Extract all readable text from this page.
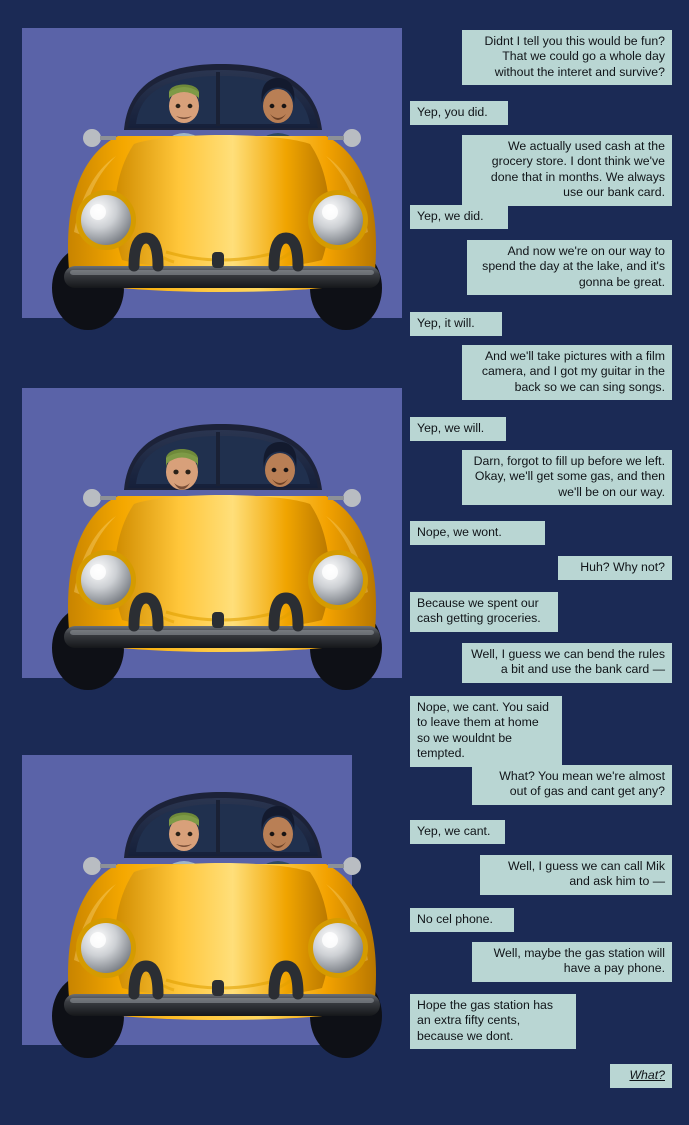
Didnt I tell you this would be fun? That we could go a whole day without the interet and survive?
Yep, you did.
We actually used cash at the grocery store. I dont think we've done that in months. We always use our bank card.
Yep, we did.
And now we're on our way to spend the day at the lake, and it's gonna be great.
Yep, it will.
And we'll take pictures with a film camera, and I got my guitar in the back so we can sing songs.
Yep, we will.
Darn, forgot to fill up before we left. Okay, we'll get some gas, and then we'll be on our way.
Nope, we wont.
Huh? Why not?
Because we spent our cash getting groceries.
Well, I guess we can bend the rules a bit and use the bank card —
Nope, we cant. You said to leave them at home so we wouldnt be tempted.
What? You mean we're almost out of gas and cant get any?
Yep, we cant.
Well, I guess we can call Mik and ask him to —
No cel phone.
Well, maybe the gas station will have a pay phone.
Hope the gas station has an extra fifty cents, because we dont.
What?
